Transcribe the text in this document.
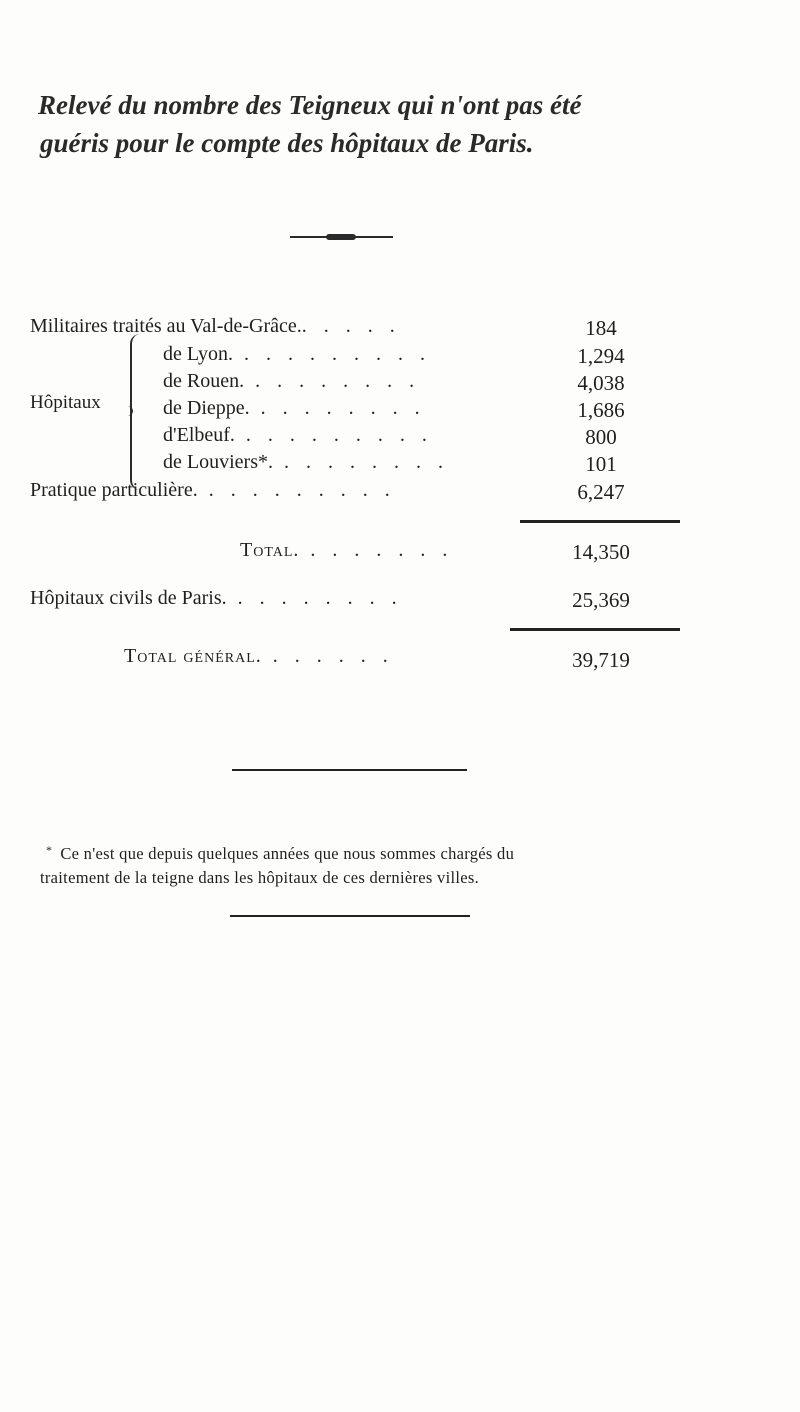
Relevé du nombre des Teigneux qui n'ont pas été
guéris pour le compte des hôpitaux de Paris.
Militaires traités au Val-de-Grâce.. . . . .	184
Hôpitaux
de Lyon. . . . . . . . . .	1,294
de Rouen. . . . . . . . .	4,038
de Dieppe. . . . . . . . .	1,686
d'Elbeuf. . . . . . . . . .	800
de Louviers*. . . . . . . . .	101
Pratique particulière. . . . . . . . . .	6,247
Total. . . . . . . .	14,350
Hôpitaux civils de Paris. . . . . . . . .	25,369
Total général. . . . . . .	39,719
* Ce n'est que depuis quelques années que nous sommes chargés du
traitement de la teigne dans les hôpitaux de ces dernières villes.
